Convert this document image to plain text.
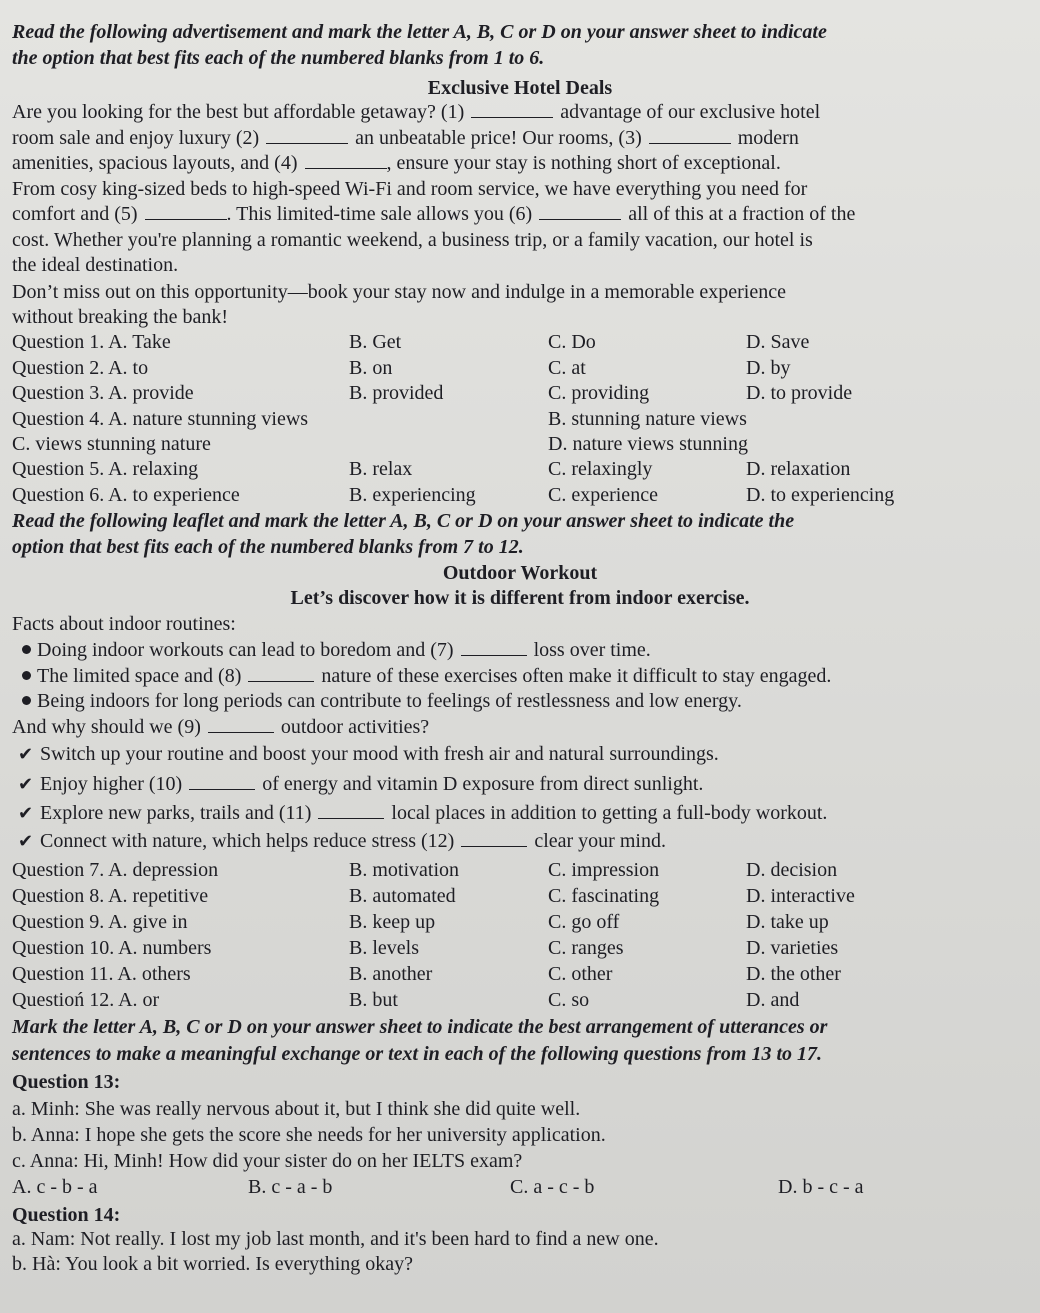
Read the following advertisement and mark the letter A, B, C or D on your answer sheet to indicate
the option that best fits each of the numbered blanks from 1 to 6.
Exclusive Hotel Deals
Are you looking for the best but affordable getaway? (1)	advantage of our exclusive hotel
room sale and enjoy luxury (2)	an unbeatable price! Our rooms, (3)	modern
amenities, spacious layouts, and (4)	, ensure your stay is nothing short of exceptional.
From cosy king-sized beds to high-speed Wi-Fi and room service, we have everything you need for
comfort and (5)	. This limited-time sale allows you (6)	all of this at a fraction of the
cost. Whether you're planning a romantic weekend, a business trip, or a family vacation, our hotel is
the ideal destination.
Don’t miss out on this opportunity—book your stay now and indulge in a memorable experience
without breaking the bank!
Question 1. A. Take	B. Get	C. Do	D. Save
Question 2. A. to	B. on	C. at	D. by
Question 3. A. provide	B. provided	C. providing	D. to provide
Question 4. A. nature stunning views	B. stunning nature views
C. views stunning nature	D. nature views stunning
Question 5. A. relaxing	B. relax	C. relaxingly	D. relaxation
Question 6. A. to experience	B. experiencing	C. experience	D. to experiencing
Read the following leaflet and mark the letter A, B, C or D on your answer sheet to indicate the
option that best fits each of the numbered blanks from 7 to 12.
Outdoor Workout
Let’s discover how it is different from indoor exercise.
Facts about indoor routines:
Doing indoor workouts can lead to boredom and (7)	loss over time.
The limited space and (8)	nature of these exercises often make it difficult to stay engaged.
Being indoors for long periods can contribute to feelings of restlessness and low energy.
And why should we (9)	outdoor activities?
✔ Switch up your routine and boost your mood with fresh air and natural surroundings.
✔ Enjoy higher (10)	of energy and vitamin D exposure from direct sunlight.
✔ Explore new parks, trails and (11)	local places in addition to getting a full-body workout.
✔ Connect with nature, which helps reduce stress (12)	clear your mind.
Question 7. A. depression	B. motivation	C. impression	D. decision
Question 8. A. repetitive	B. automated	C. fascinating	D. interactive
Question 9. A. give in	B. keep up	C. go off	D. take up
Question 10. A. numbers	B. levels	C. ranges	D. varieties
Question 11. A. others	B. another	C. other	D. the other
Questioń 12. A. or	B. but	C. so	D. and
Mark the letter A, B, C or D on your answer sheet to indicate the best arrangement of utterances or
sentences to make a meaningful exchange or text in each of the following questions from 13 to 17.
Question 13:
a. Minh: She was really nervous about it, but I think she did quite well.
b. Anna: I hope she gets the score she needs for her university application.
c. Anna: Hi, Minh! How did your sister do on her IELTS exam?
A. c - b - a	B. c - a - b	C. a - c - b	D. b - c - a
Question 14:
a. Nam: Not really. I lost my job last month, and it's been hard to find a new one.
b. Hà: You look a bit worried. Is everything okay?
